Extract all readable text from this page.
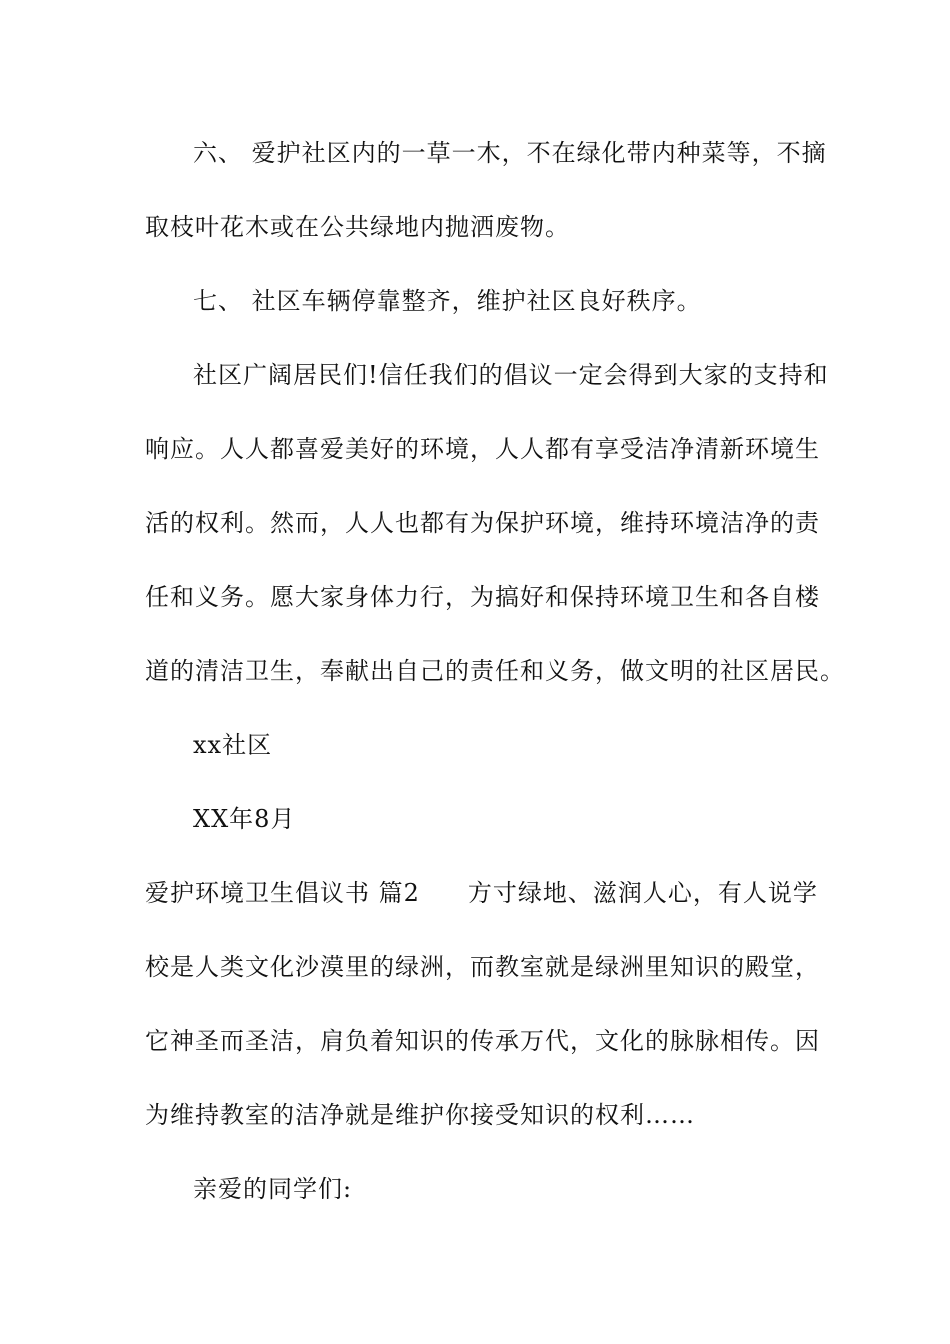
六、 爱护社区内的一草一木，不在绿化带内种菜等，不摘
取枝叶花木或在公共绿地内抛洒废物。
七、 社区车辆停靠整齐，维护社区良好秩序。
社区广阔居民们!信任我们的倡议一定会得到大家的支持和
响应。人人都喜爱美好的环境，人人都有享受洁净清新环境生
活的权利。然而，人人也都有为保护环境，维持环境洁净的责
任和义务。愿大家身体力行，为搞好和保持环境卫生和各自楼
道的清洁卫生，奉献出自己的责任和义务，做文明的社区居民。
xx社区
XX年8月
爱护环境卫生倡议书 篇2 方寸绿地、滋润人心，有人说学
校是人类文化沙漠里的绿洲，而教室就是绿洲里知识的殿堂，
它神圣而圣洁，肩负着知识的传承万代，文化的脉脉相传。因
为维持教室的洁净就是维护你接受知识的权利……
亲爱的同学们:
